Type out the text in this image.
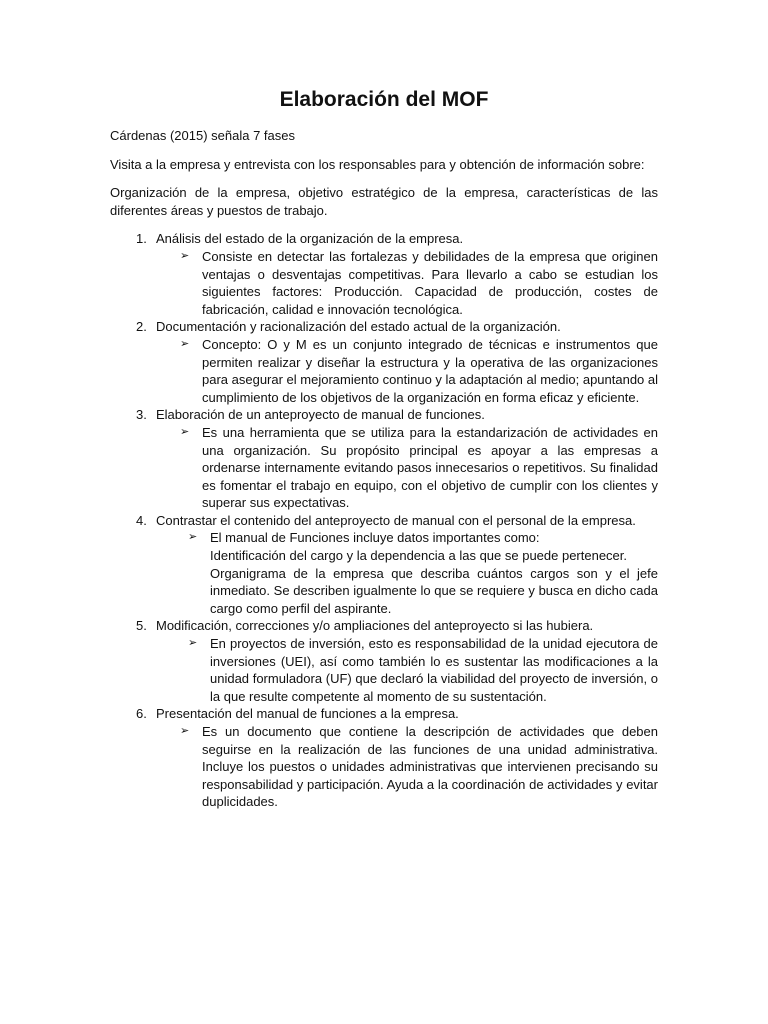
Elaboración del MOF

Cárdenas (2015) señala 7 fases

Visita a la empresa y entrevista con los responsables para y obtención de información sobre:

Organización de la empresa, objetivo estratégico de la empresa, características de las diferentes áreas y puestos de trabajo.

1. Análisis del estado de la organización de la empresa.
➢ Consiste en detectar las fortalezas y debilidades de la empresa que originen ventajas o desventajas competitivas. Para llevarlo a cabo se estudian los siguientes factores: Producción. Capacidad de producción, costes de fabricación, calidad e innovación tecnológica.
2. Documentación y racionalización del estado actual de la organización.
➢ Concepto: O y M es un conjunto integrado de técnicas e instrumentos que permiten realizar y diseñar la estructura y la operativa de las organizaciones para asegurar el mejoramiento continuo y la adaptación al medio; apuntando al cumplimiento de los objetivos de la organización en forma eficaz y eficiente.
3. Elaboración de un anteproyecto de manual de funciones.
➢ Es una herramienta que se utiliza para la estandarización de actividades en una organización. Su propósito principal es apoyar a las empresas a ordenarse internamente evitando pasos innecesarios o repetitivos. Su finalidad es fomentar el trabajo en equipo, con el objetivo de cumplir con los clientes y superar sus expectativas.
4. Contrastar el contenido del anteproyecto de manual con el personal de la empresa.
➢ El manual de Funciones incluye datos importantes como:
Identificación del cargo y la dependencia a las que se puede pertenecer.
Organigrama de la empresa que describa cuántos cargos son y el jefe inmediato. Se describen igualmente lo que se requiere y busca en dicho cada cargo como perfil del aspirante.
5. Modificación, correcciones y/o ampliaciones del anteproyecto si las hubiera.
➢ En proyectos de inversión, esto es responsabilidad de la unidad ejecutora de inversiones (UEI), así como también lo es sustentar las modificaciones a la unidad formuladora (UF) que declaró la viabilidad del proyecto de inversión, o la que resulte competente al momento de su sustentación.
6. Presentación del manual de funciones a la empresa.
➢ Es un documento que contiene la descripción de actividades que deben seguirse en la realización de las funciones de una unidad administrativa. Incluye los puestos o unidades administrativas que intervienen precisando su responsabilidad y participación. Ayuda a la coordinación de actividades y evitar duplicidades.
